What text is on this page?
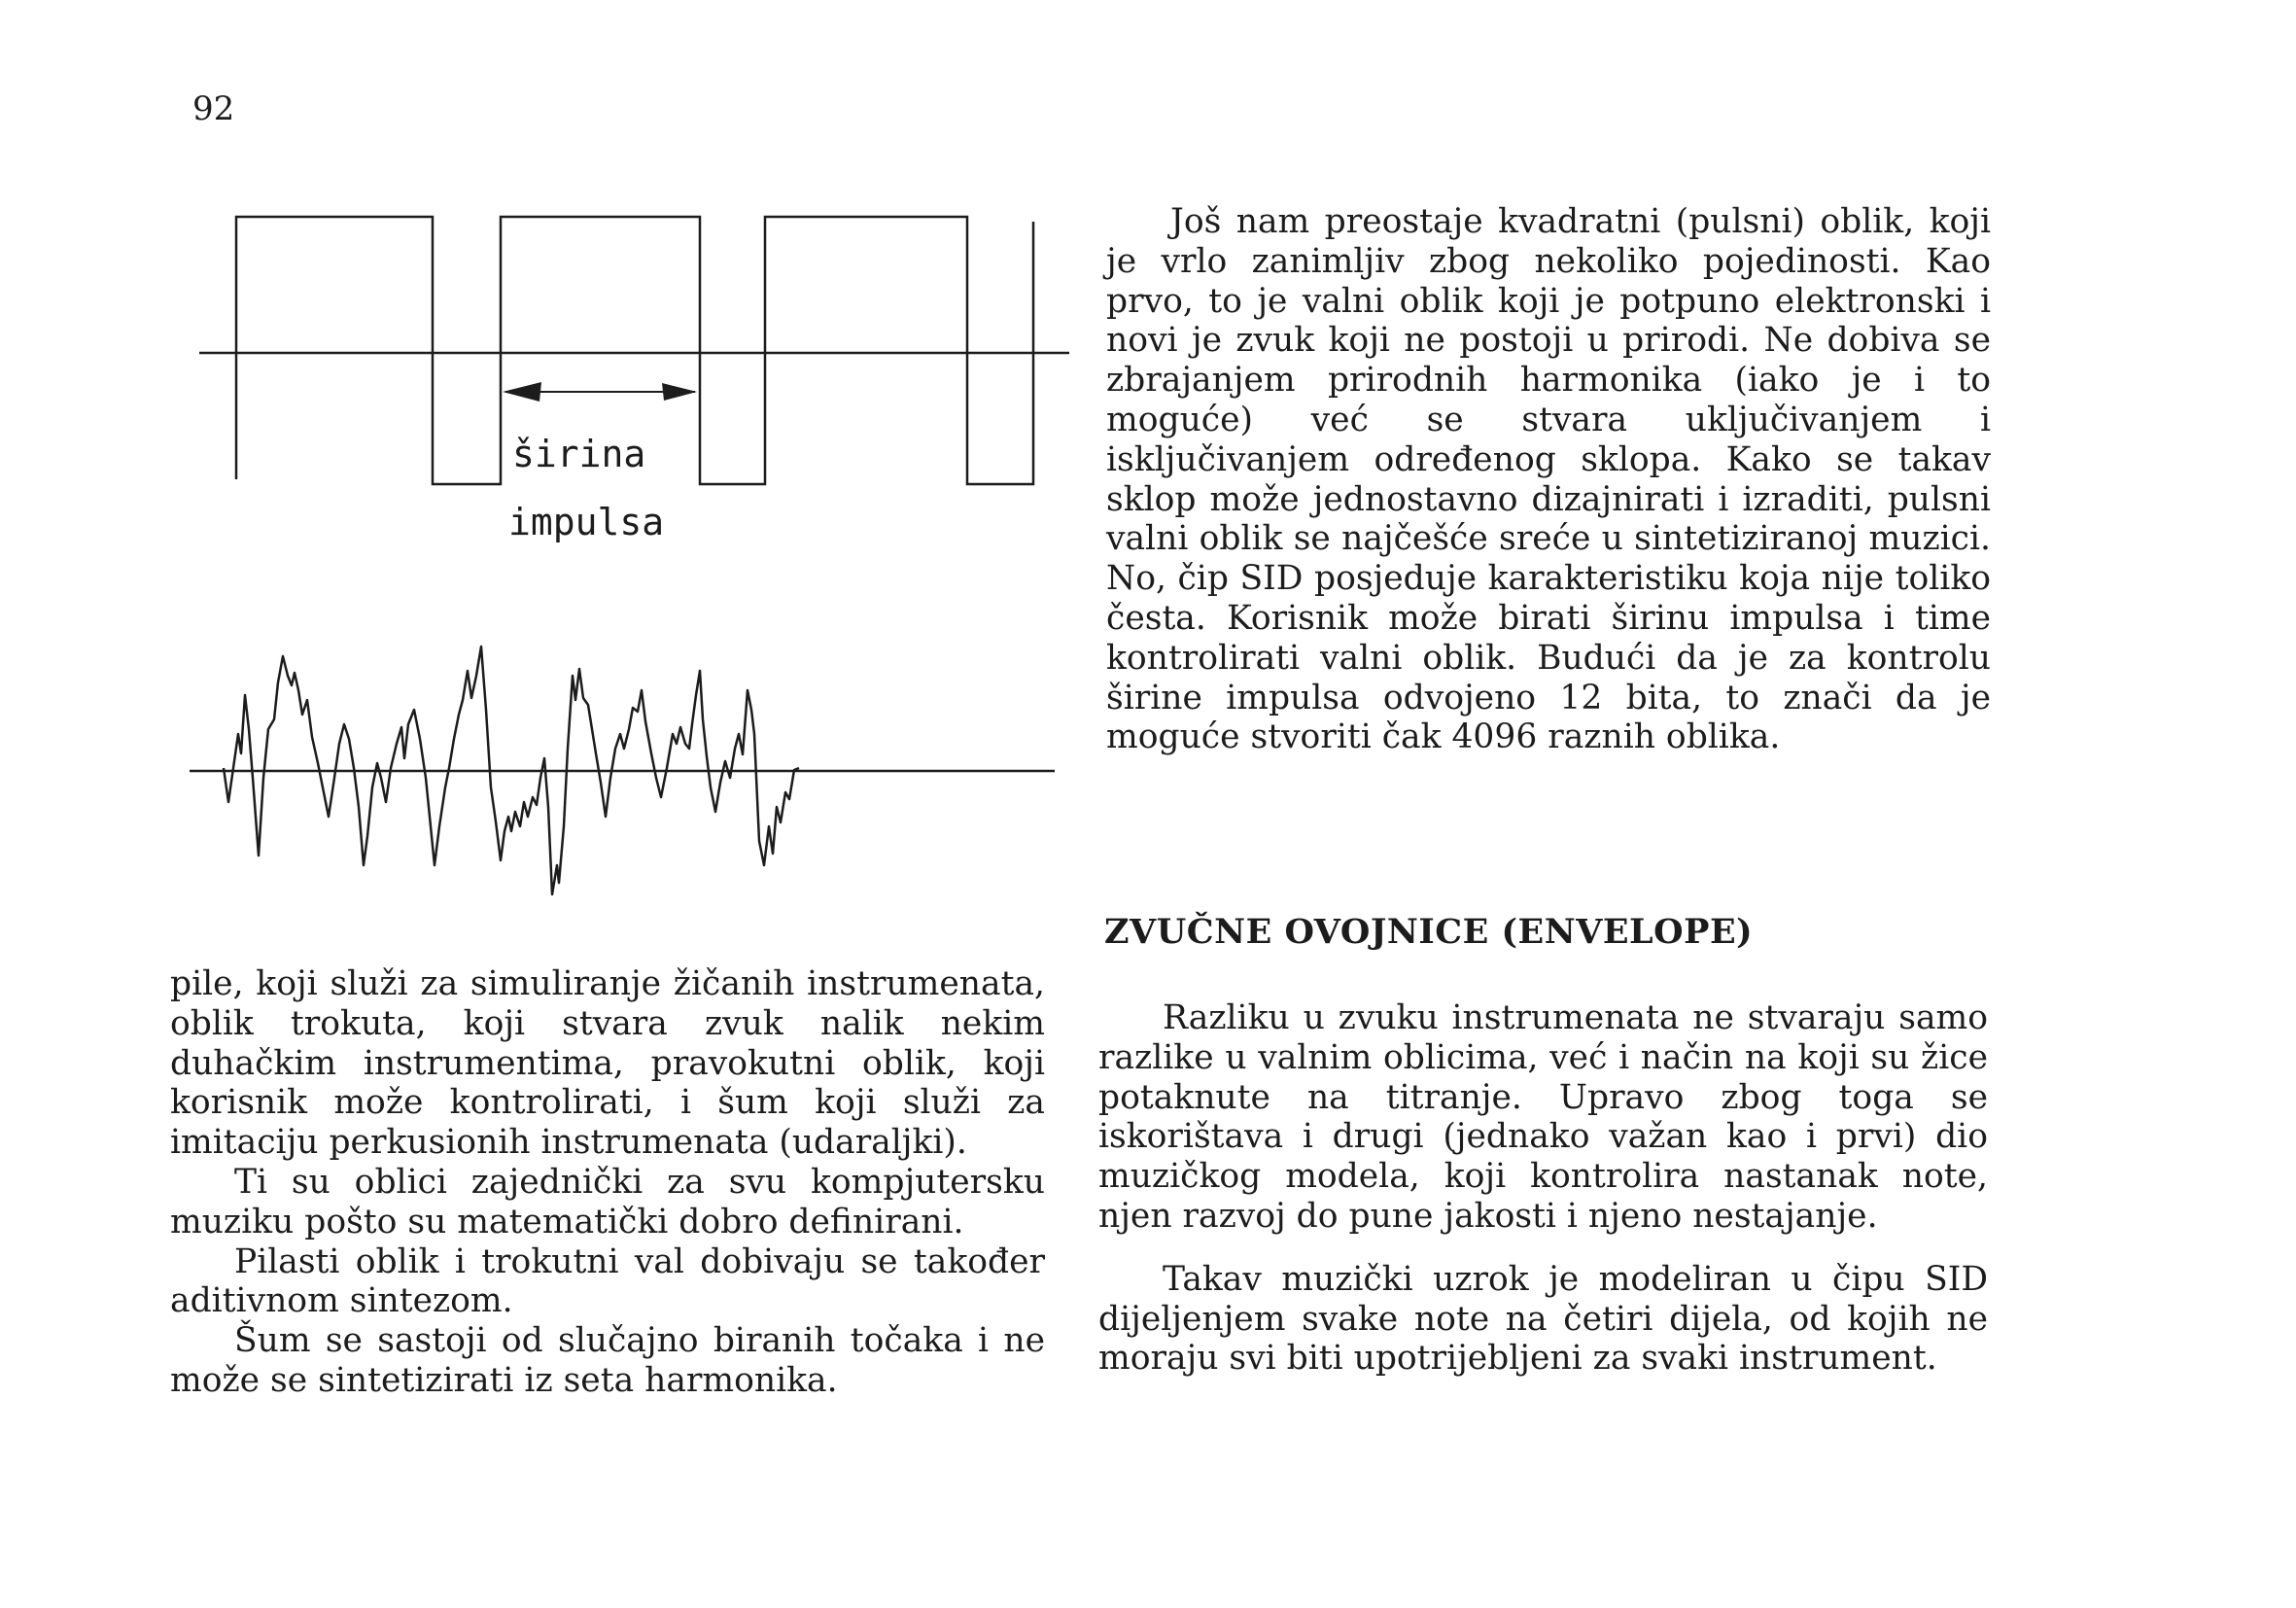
92
širina
impulsa

pile, koji služi za simuliranje žičanih instrumenata, oblik trokuta, koji stvara zvuk nalik nekim duhačkim instrumentima, pravokutni oblik, koji korisnik može kontrolirati, i šum koji služi za imitaciju perkusionih instrumenata (udaraljki).

Ti su oblici zajednički za svu kompjutersku muziku pošto su matematički dobro definirani.

Pilasti oblik i trokutni val dobivaju se također aditivnom sintezom.

Šum se sastoji od slučajno biranih točaka i ne može se sintetizirati iz seta harmonika.

Još nam preostaje kvadratni (pulsni) oblik, koji je vrlo zanimljiv zbog nekoliko pojedinosti. Kao prvo, to je valni oblik koji je potpuno elektronski i novi je zvuk koji ne postoji u prirodi. Ne dobiva se zbrajanjem prirodnih harmonika (iako je i to moguće) već se stvara uključivanjem i isključivanjem određenog sklopa. Kako se takav sklop može jednostavno dizajnirati i izraditi, pulsni valni oblik se najčešće sreće u sintetiziranoj muzici. No, čip SID posjeduje karakteristiku koja nije toliko česta. Korisnik može birati širinu impulsa i time kontrolirati valni oblik. Budući da je za kontrolu širine impulsa odvojeno 12 bita, to znači da je moguće stvoriti čak 4096 raznih oblika.

ZVUČNE OVOJNICE (ENVELOPE)

Razliku u zvuku instrumenata ne stvaraju samo razlike u valnim oblicima, već i način na koji su žice potaknute na titranje. Upravo zbog toga se iskorištava i drugi (jednako važan kao i prvi) dio muzičkog modela, koji kontrolira nastanak note, njen razvoj do pune jakosti i njeno nestajanje.

Takav muzički uzrok je modeliran u čipu SID dijeljenjem svake note na četiri dijela, od kojih ne moraju svi biti upotrijebljeni za svaki instrument.
